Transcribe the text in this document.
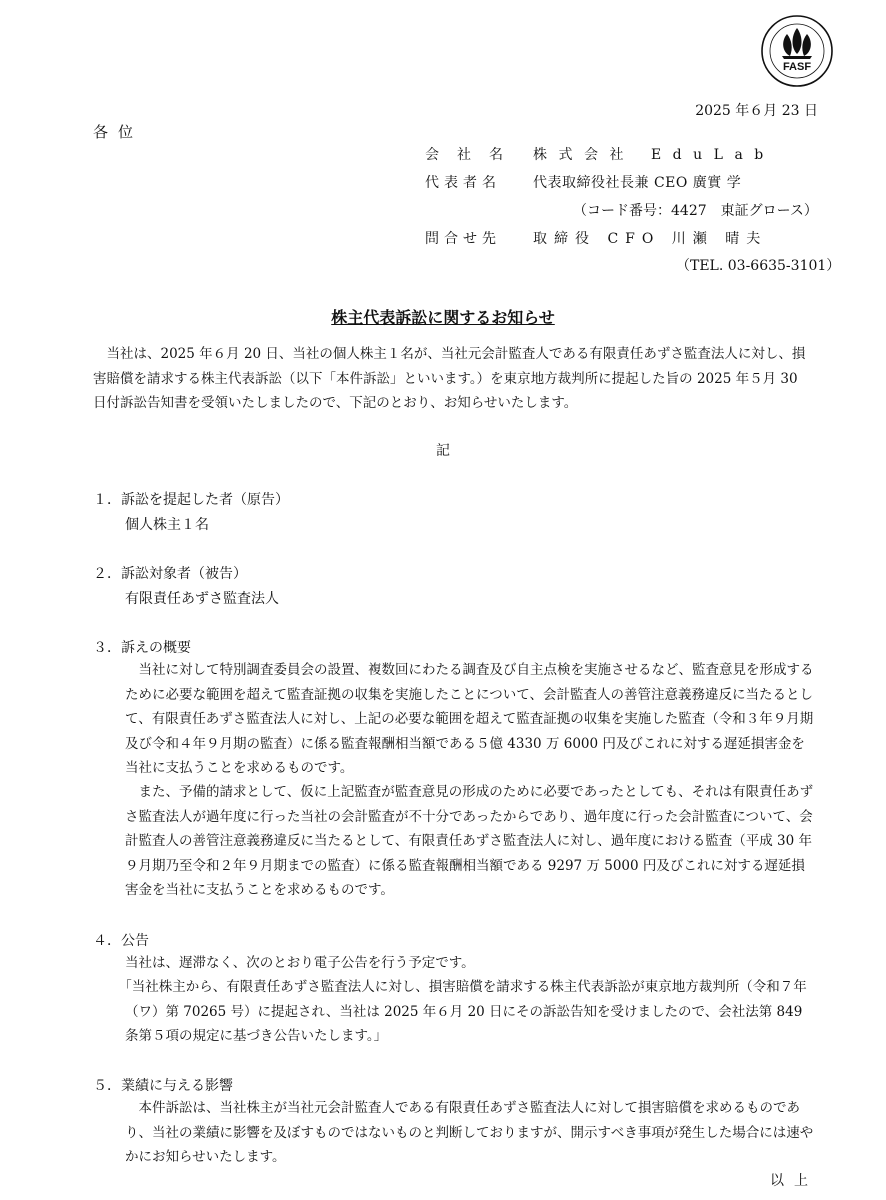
FASF
2025 年６月 23 日
各位
会社名 株式会社 EduLab
代表者名 代表取締役社長兼 CEO 廣實 学
（コード番号：4427　東証グロース）
問合せ先 取締役 CFO 川瀬 晴夫
（TEL. 03-6635-3101）
株主代表訴訟に関するお知らせ
当社は、2025 年６月 20 日、当社の個人株主１名が、当社元会計監査人である有限責任あずさ監査法人に対し、損害賠償を請求する株主代表訴訟（以下「本件訴訟」といいます。）を東京地方裁判所に提起した旨の 2025 年５月 30 日付訴訟告知書を受領いたしましたので、下記のとおり、お知らせいたします。
記
１．訴訟を提起した者（原告）
個人株主１名
２．訴訟対象者（被告）
有限責任あずさ監査法人
３．訴えの概要
当社に対して特別調査委員会の設置、複数回にわたる調査及び自主点検を実施させるなど、監査意見を形成するために必要な範囲を超えて監査証拠の収集を実施したことについて、会計監査人の善管注意義務違反に当たるとして、有限責任あずさ監査法人に対し、上記の必要な範囲を超えて監査証拠の収集を実施した監査（令和３年９月期及び令和４年９月期の監査）に係る監査報酬相当額である５億 4330 万 6000 円及びこれに対する遅延損害金を当社に支払うことを求めるものです。
また、予備的請求として、仮に上記監査が監査意見の形成のために必要であったとしても、それは有限責任あずさ監査法人が過年度に行った当社の会計監査が不十分であったからであり、過年度に行った会計監査について、会計監査人の善管注意義務違反に当たるとして、有限責任あずさ監査法人に対し、過年度における監査（平成 30 年９月期乃至令和２年９月期までの監査）に係る監査報酬相当額である 9297 万 5000 円及びこれに対する遅延損害金を当社に支払うことを求めるものです。
４．公告
当社は、遅滞なく、次のとおり電子公告を行う予定です。
「当社株主から、有限責任あずさ監査法人に対し、損害賠償を請求する株主代表訴訟が東京地方裁判所（令和７年（ワ）第 70265 号）に提起され、当社は 2025 年６月 20 日にその訴訟告知を受けましたので、会社法第 849 条第５項の規定に基づき公告いたします。」
５．業績に与える影響
本件訴訟は、当社株主が当社元会計監査人である有限責任あずさ監査法人に対して損害賠償を求めるものであり、当社の業績に影響を及ぼすものではないものと判断しておりますが、開示すべき事項が発生した場合には速やかにお知らせいたします。
以上
